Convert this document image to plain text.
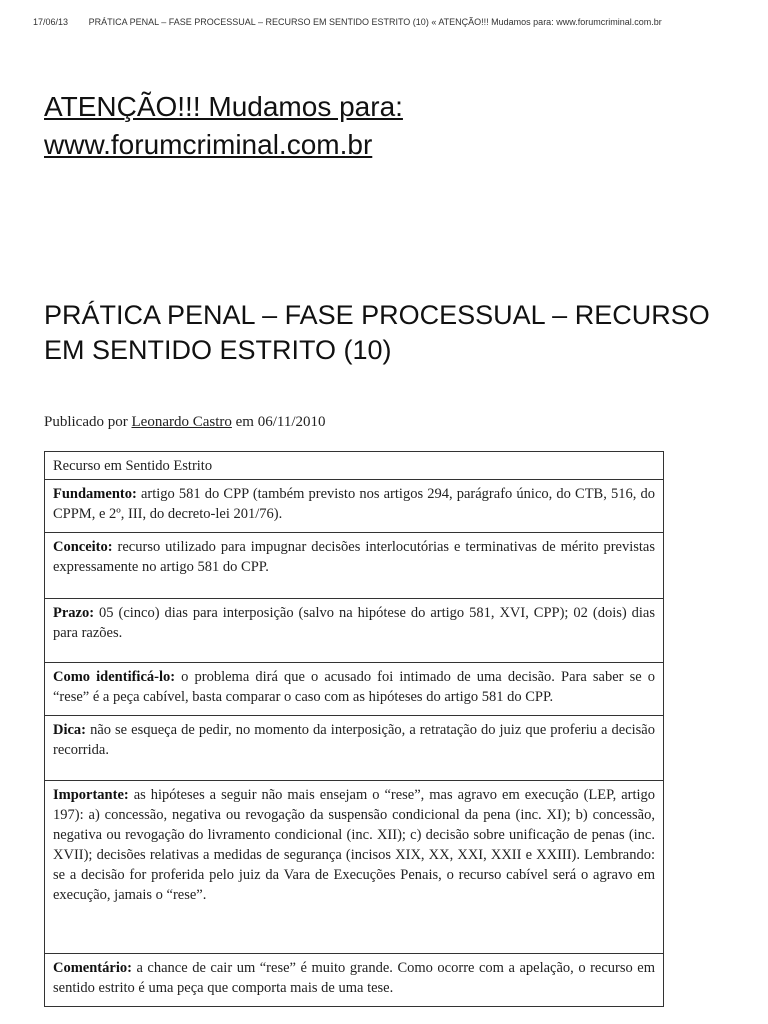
17/06/13 PRÁTICA PENAL – FASE PROCESSUAL – RECURSO EM SENTIDO ESTRITO (10) « ATENÇÃO!!! Mudamos para: www.forumcriminal.com.br
ATENÇÃO!!! Mudamos para:
www.forumcriminal.com.br
PRÁTICA PENAL – FASE PROCESSUAL – RECURSO EM SENTIDO ESTRITO (10)
Publicado por Leonardo Castro em 06/11/2010
Recurso em Sentido Estrito
Fundamento: artigo 581 do CPP (também previsto nos artigos 294, parágrafo único, do CTB, 516, do CPPM, e 2º, III, do decreto-lei 201/76).
Conceito: recurso utilizado para impugnar decisões interlocutórias e terminativas de mérito previstas expressamente no artigo 581 do CPP.
Prazo: 05 (cinco) dias para interposição (salvo na hipótese do artigo 581, XVI, CPP); 02 (dois) dias para razões.
Como identificá-lo: o problema dirá que o acusado foi intimado de uma decisão. Para saber se o “rese” é a peça cabível, basta comparar o caso com as hipóteses do artigo 581 do CPP.
Dica: não se esqueça de pedir, no momento da interposição, a retratação do juiz que proferiu a decisão recorrida.
Importante: as hipóteses a seguir não mais ensejam o “rese”, mas agravo em execução (LEP, artigo 197): a) concessão, negativa ou revogação da suspensão condicional da pena (inc. XI); b) concessão, negativa ou revogação do livramento condicional (inc. XII); c) decisão sobre unificação de penas (inc. XVII); decisões relativas a medidas de segurança (incisos XIX, XX, XXI, XXII e XXIII). Lembrando: se a decisão for proferida pelo juiz da Vara de Execuções Penais, o recurso cabível será o agravo em execução, jamais o “rese”.
Comentário: a chance de cair um “rese” é muito grande. Como ocorre com a apelação, o recurso em sentido estrito é uma peça que comporta mais de uma tese.
